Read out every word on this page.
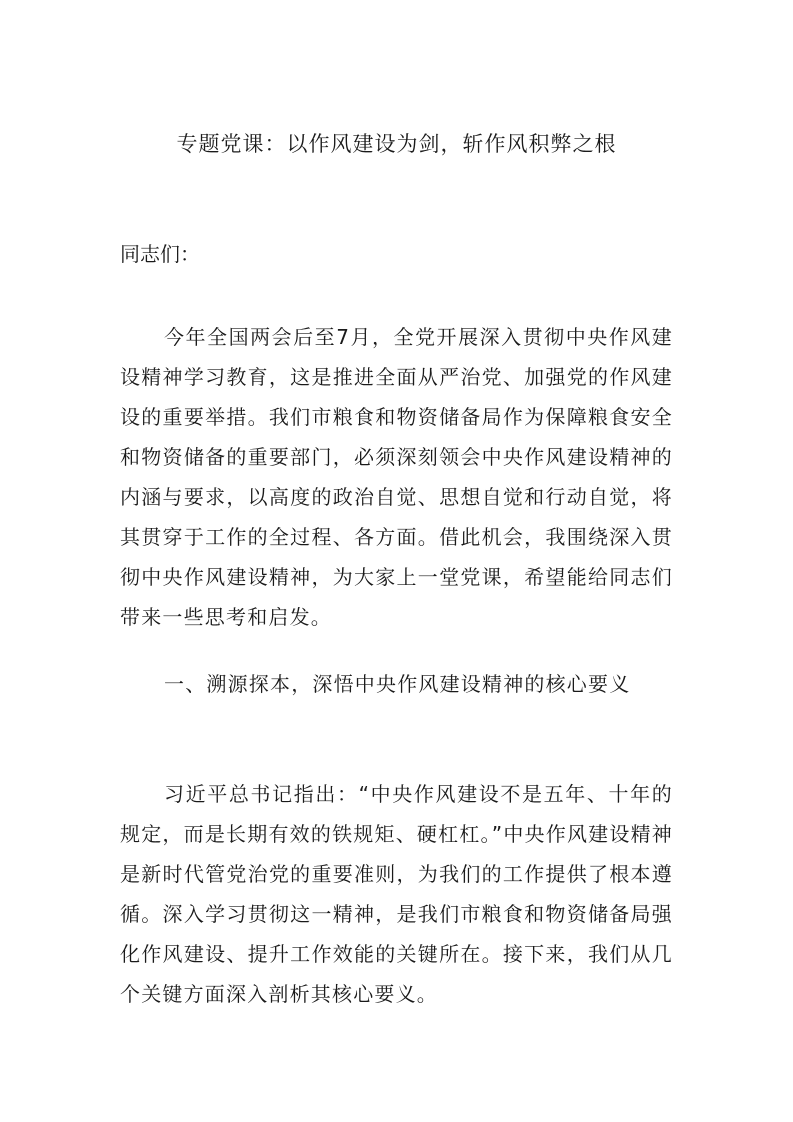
专题党课：以作风建设为剑，斩作风积弊之根

同志们：

今年全国两会后至7月，全党开展深入贯彻中央作风建设精神学习教育，这是推进全面从严治党、加强党的作风建设的重要举措。我们市粮食和物资储备局作为保障粮食安全和物资储备的重要部门，必须深刻领会中央作风建设精神的内涵与要求，以高度的政治自觉、思想自觉和行动自觉，将其贯穿于工作的全过程、各方面。借此机会，我围绕深入贯彻中央作风建设精神，为大家上一堂党课，希望能给同志们带来一些思考和启发。

一、溯源探本，深悟中央作风建设精神的核心要义

习近平总书记指出：“中央作风建设不是五年、十年的规定，而是长期有效的铁规矩、硬杠杠。”中央作风建设精神是新时代管党治党的重要准则，为我们的工作提供了根本遵循。深入学习贯彻这一精神，是我们市粮食和物资储备局强化作风建设、提升工作效能的关键所在。接下来，我们从几个关键方面深入剖析其核心要义。
